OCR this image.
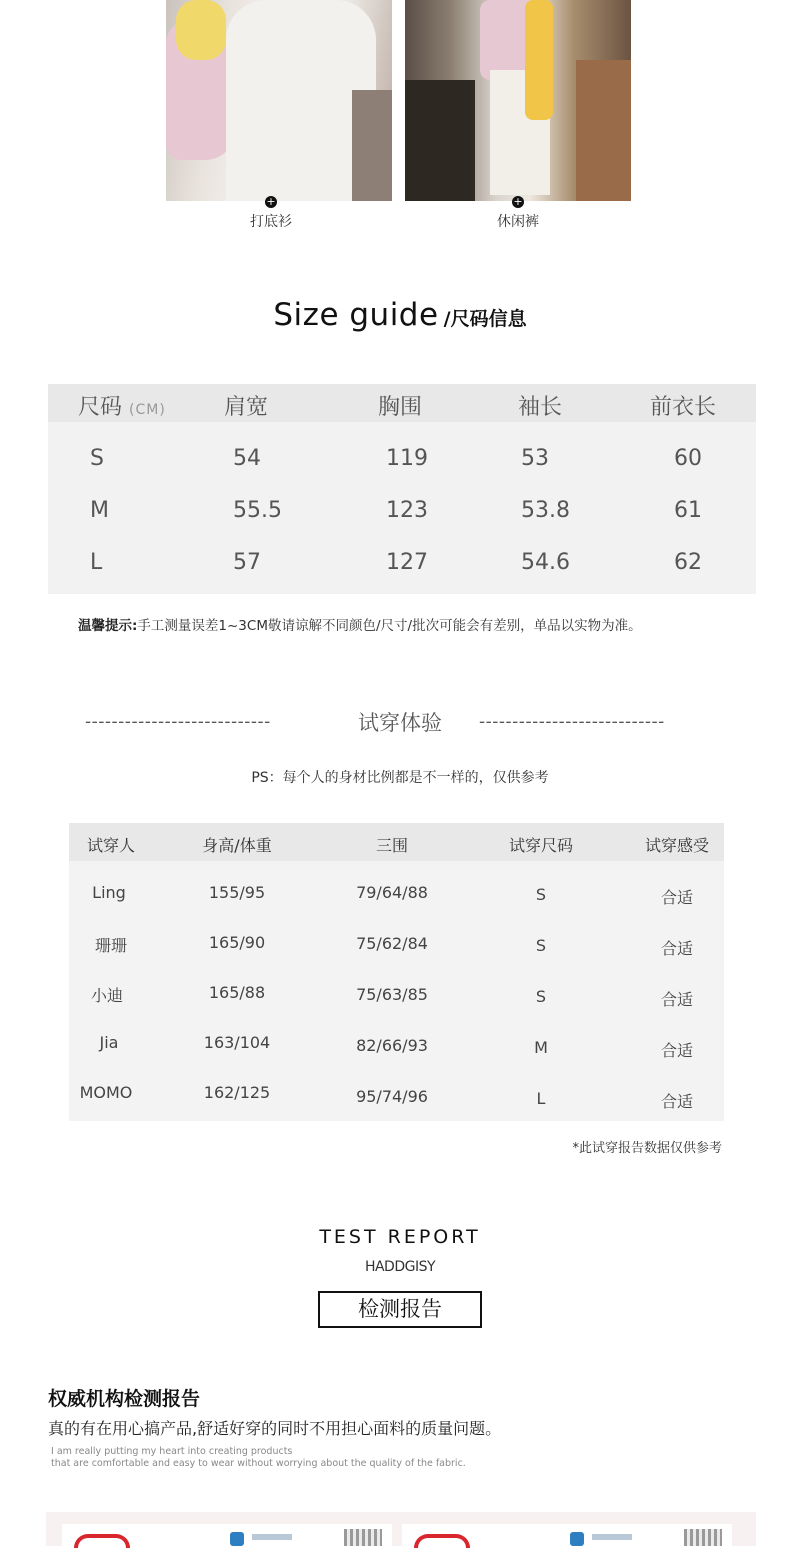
+	+
打底衫	休闲裤
Size guide /尺码信息
尺码 (CM)	肩宽	胸围	袖长	前衣长
S	54	119	53	60
M	55.5	123	53.8	61
L	57	127	54.6	62
温馨提示:手工测量误差1~3CM敬请谅解不同颜色/尺寸/批次可能会有差别，单品以实物为准。
----------------------------	试穿体验	----------------------------
PS：每个人的身材比例都是不一样的，仅供参考
试穿人	身高/体重	三围	试穿尺码	试穿感受
Ling	155/95	79/64/88	S	合适
珊珊	165/90	75/62/84	S	合适
小迪	165/88	75/63/85	S	合适
Jia	163/104	82/66/93	M	合适
MOMO	162/125	95/74/96	L	合适
*此试穿报告数据仅供参考
TEST REPORT
HADDGISY
检测报告
权威机构检测报告
真的有在用心搞产品,舒适好穿的同时不用担心面料的质量问题。
I am really putting my heart into creating products
that are comfortable and easy to wear without worrying about the quality of the fabric.
